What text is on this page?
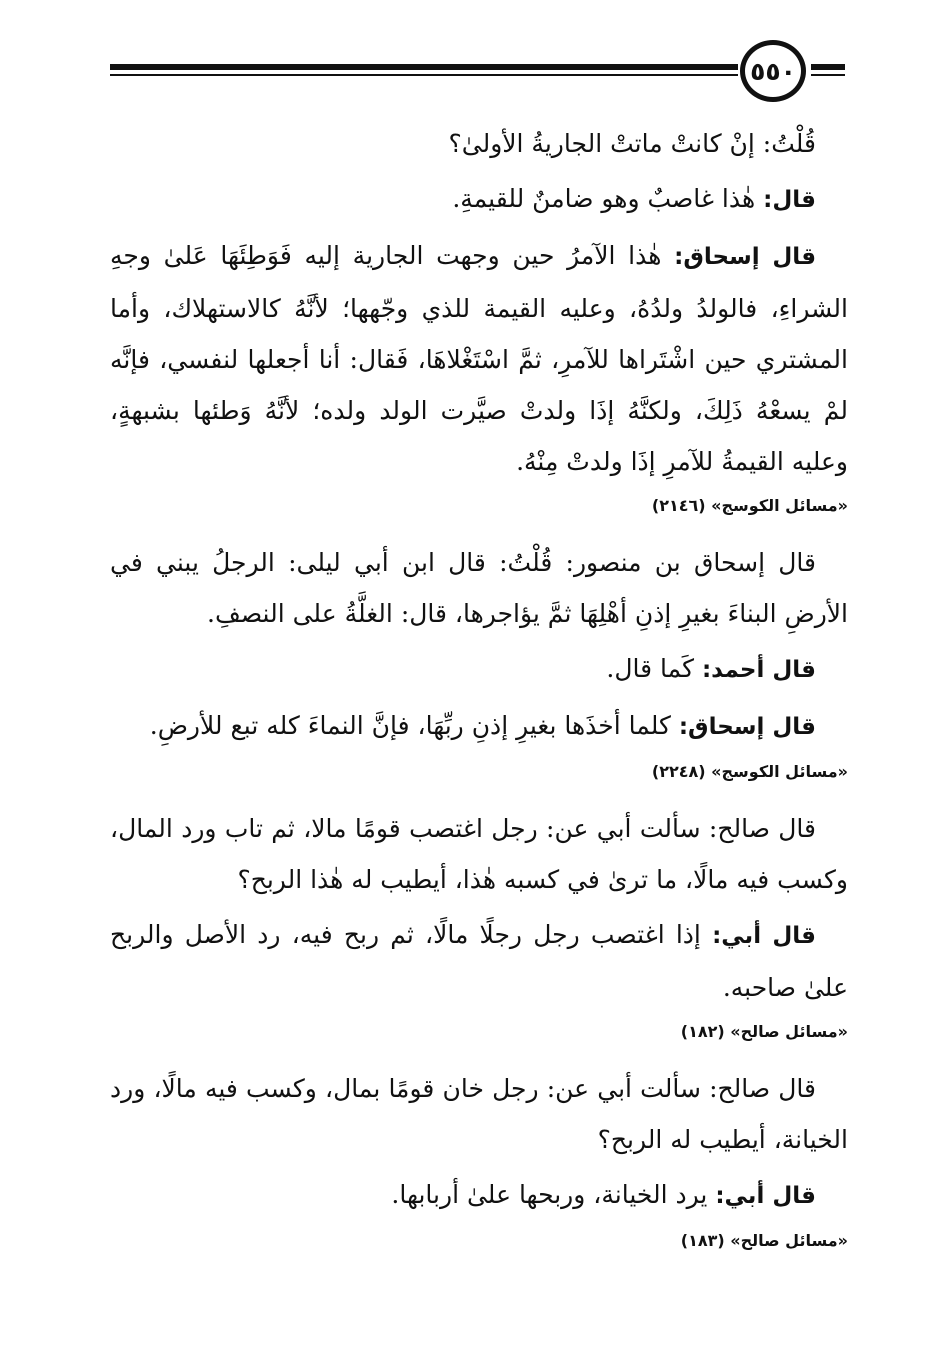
٥٥٠

قُلْتُ: إنْ كانتْ ماتتْ الجاريةُ الأولىٰ؟

قال: هٰذا غاصبٌ وهو ضامنٌ للقيمةِ.

قال إسحاق: هٰذا الآمرُ حين وجهت الجارية إليه فَوَطِئَهَا عَلىٰ وجهِ الشراءِ، فالولدُ ولدُهُ، وعليه القيمة للذي وجّهها؛ لأنَّهُ كالاستهلاك، وأما المشتري حين اشْتَراها للآمرِ، ثمَّ اسْتَغْلاهَا، فَقال: أنا أجعلها لنفسي، فإنَّه لمْ يسعْهُ ذَلِكَ، ولكنَّهُ إذَا ولدتْ صيَّرت الولد ولده؛ لأنَّهُ وَطئها بشبهةٍ، وعليه القيمةُ للآمرِ إذَا ولدتْ مِنْهُ.

«مسائل الكوسج» (٢١٤٦)

قال إسحاق بن منصور: قُلْتُ: قال ابن أبي ليلى: الرجلُ يبني في الأرضِ البناءَ بغيرِ إذنِ أهْلِهَا ثمَّ يؤاجرها، قال: الغلَّةُ على النصفِ.

قال أحمد: كَما قال.

قال إسحاق: كلما أخذَها بغيرِ إذنِ ربِّهَا، فإنَّ النماءَ كله تبع للأرضِ.

«مسائل الكوسج» (٢٢٤٨)

قال صالح: سألت أبي عن: رجل اغتصب قومًا مالا، ثم تاب ورد المال، وكسب فيه مالًا، ما ترىٰ في كسبه هٰذا، أيطيب له هٰذا الربح؟

قال أبي: إذا اغتصب رجل رجلًا مالًا، ثم ربح فيه، رد الأصل والربح علىٰ صاحبه.

«مسائل صالح» (١٨٢)

قال صالح: سألت أبي عن: رجل خان قومًا بمال، وكسب فيه مالًا، ورد الخيانة، أيطيب له الربح؟

قال أبي: يرد الخيانة، وربحها علىٰ أربابها.

«مسائل صالح» (١٨٣)
